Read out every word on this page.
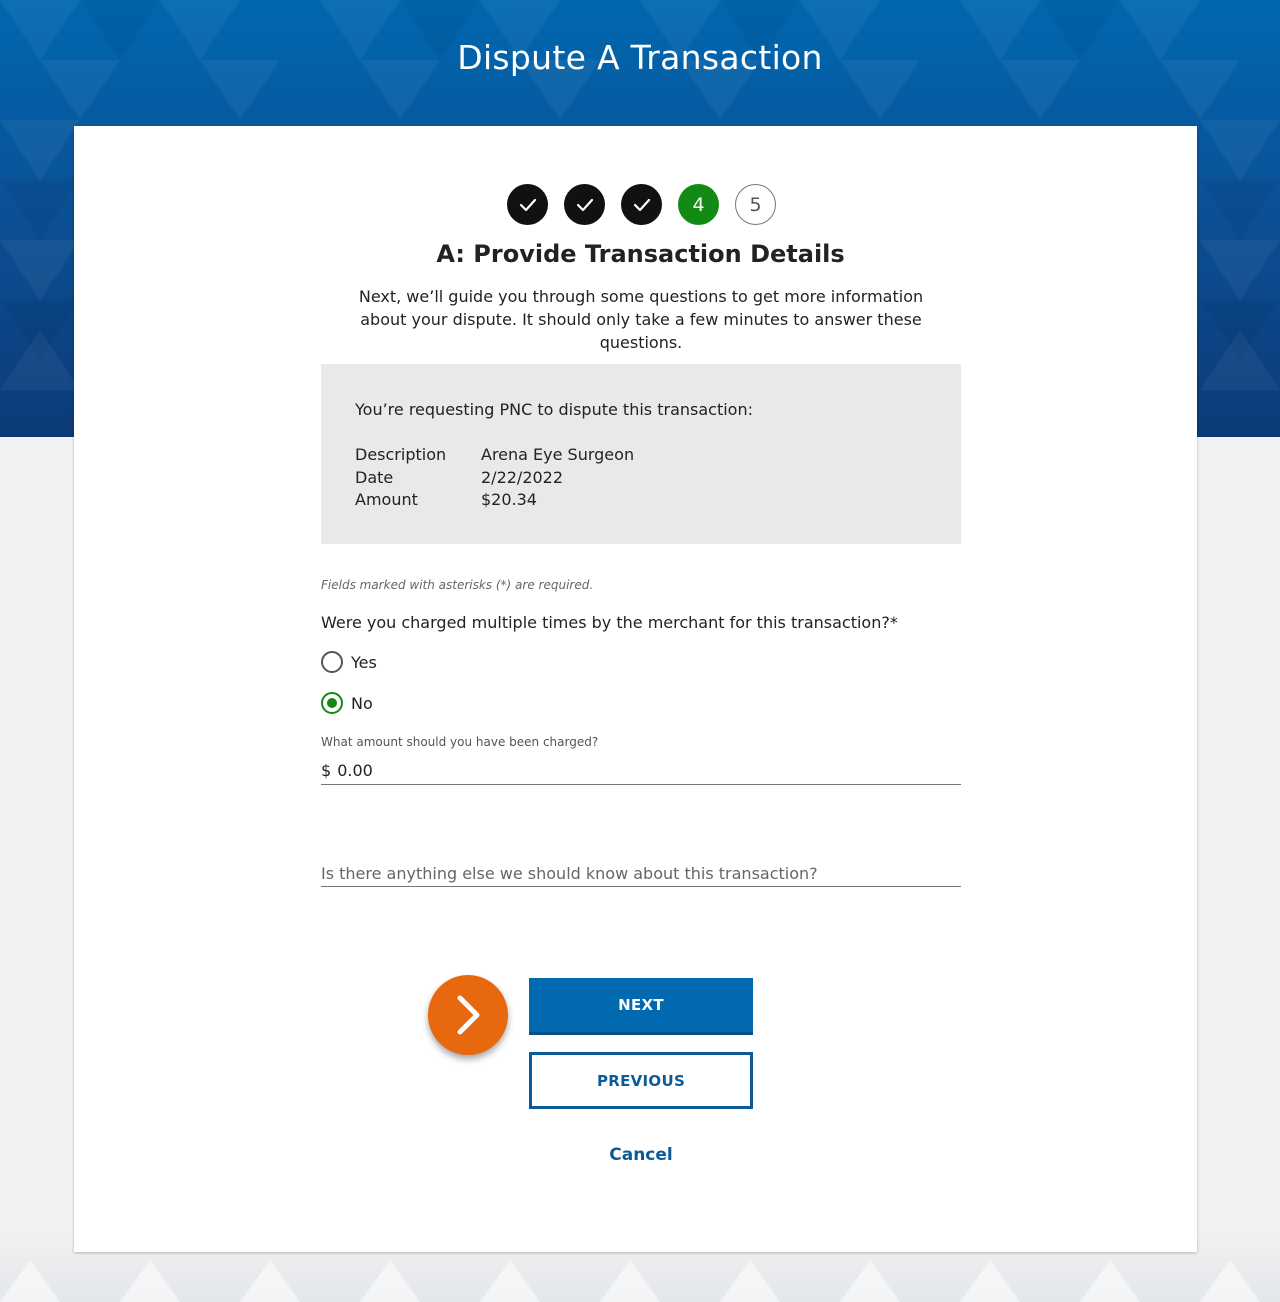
Dispute A Transaction
4	5
A: Provide Transaction Details

Next, we’ll guide you through some questions to get more information about your dispute. It should only take a few minutes to answer these questions.

You’re requesting PNC to dispute this transaction:
Description Arena Eye Surgeon
Date	2/22/2022
Amount	$20.34
Fields marked with asterisks (*) are required.
Were you charged multiple times by the merchant for this transaction?*
Yes
No
What amount should you have been charged?
$ 0.00
Is there anything else we should know about this transaction?
NEXT
PREVIOUS
Cancel
